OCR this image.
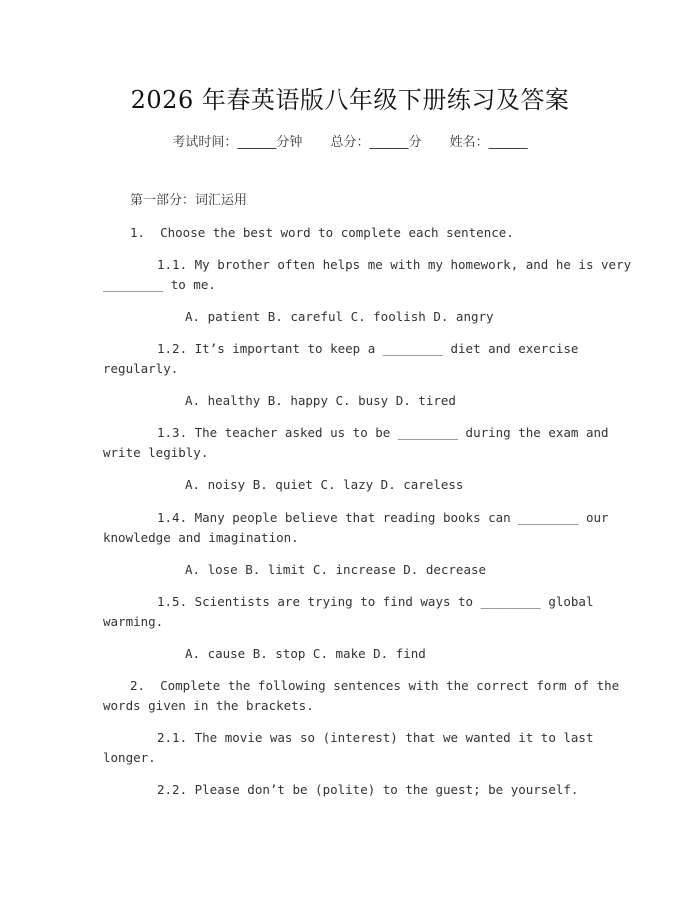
2026 年春英语版八年级下册练习及答案
考试时间：______分钟 总分：______分 姓名：______
第一部分：词汇运用
1.  Choose the best word to complete each sentence.
1.1. My brother often helps me with my homework, and he is very
________ to me.
A. patient B. careful C. foolish D. angry
1.2. It’s important to keep a ________ diet and exercise
regularly.
A. healthy B. happy C. busy D. tired
1.3. The teacher asked us to be ________ during the exam and
write legibly.
A. noisy B. quiet C. lazy D. careless
1.4. Many people believe that reading books can ________ our
knowledge and imagination.
A. lose B. limit C. increase D. decrease
1.5. Scientists are trying to find ways to ________ global
warming.
A. cause B. stop C. make D. find
2.  Complete the following sentences with the correct form of the
words given in the brackets.
2.1. The movie was so (interest) that we wanted it to last
longer.
2.2. Please don’t be (polite) to the guest; be yourself.
